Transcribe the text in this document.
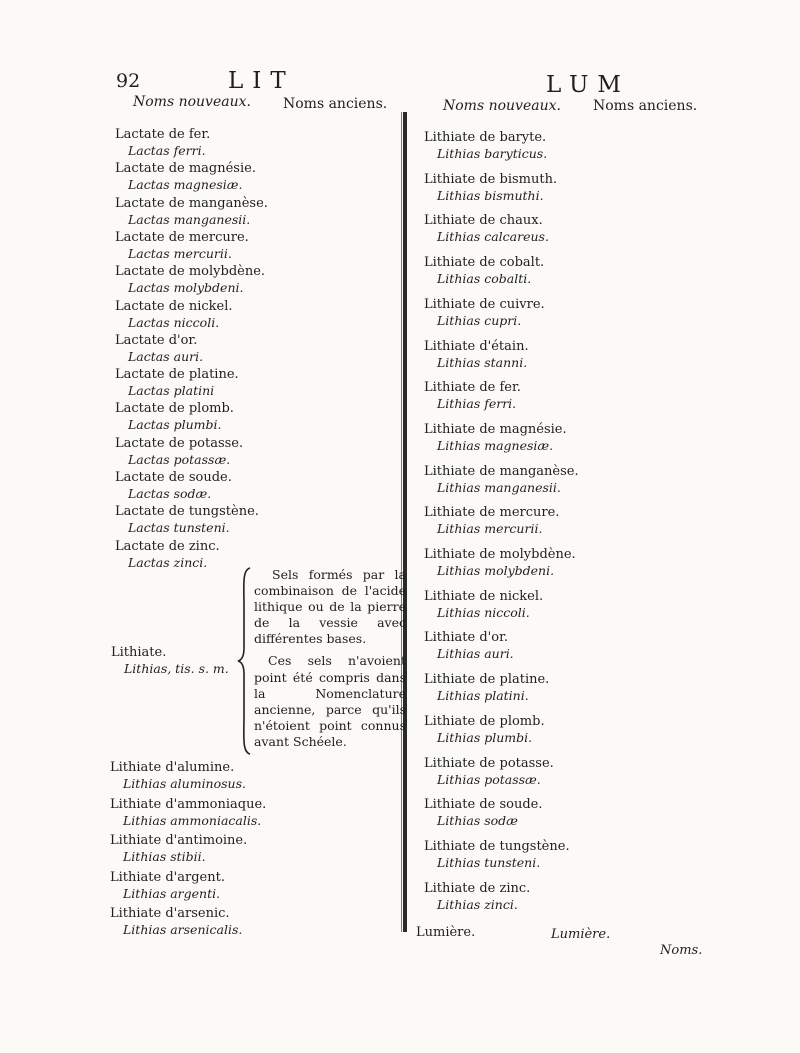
92	LIT	LUM
Noms nouveaux. Noms anciens.	Noms nouveaux. Noms anciens.
Lactate de fer.
Lactas ferri.
Lactate de magnésie.
Lactas magnesiæ.
Lactate de manganèse.
Lactas manganesii.
Lactate de mercure.
Lactas mercurii.
Lactate de molybdène.
Lactas molybdeni.
Lactate de nickel.
Lactas niccoli.
Lactate d'or.
Lactas auri.
Lactate de platine.
Lactas platini
Lactate de plomb.
Lactas plumbi.
Lactate de potasse.
Lactas potassæ.
Lactate de soude.
Lactas sodæ.
Lactate de tungstène.
Lactas tunsteni.
Lactate de zinc.
Lactas zinci.
Lithiate.
Lithias, tis. s. m.

Sels formés par la combinaison de l'acide lithique ou de la pierre de la vessie avec différentes bases.

Ces sels n'avoient point été compris dans la Nomenclature ancienne, parce qu'ils n'étoient point connus avant Schéele.

Lithiate d'alumine.
Lithias aluminosus.
Lithiate d'ammoniaque.
Lithias ammoniacalis.
Lithiate d'antimoine.
Lithias stibii.
Lithiate d'argent.
Lithias argenti.
Lithiate d'arsenic.
Lithias arsenicalis.
Lithiate de baryte.
Lithias baryticus.
Lithiate de bismuth.
Lithias bismuthi.
Lithiate de chaux.
Lithias calcareus.
Lithiate de cobalt.
Lithias cobalti.
Lithiate de cuivre.
Lithias cupri.
Lithiate d'étain.
Lithias stanni.
Lithiate de fer.
Lithias ferri.
Lithiate de magnésie.
Lithias magnesiæ.
Lithiate de manganèse.
Lithias manganesii.
Lithiate de mercure.
Lithias mercurii.
Lithiate de molybdène.
Lithias molybdeni.
Lithiate de nickel.
Lithias niccoli.
Lithiate d'or.
Lithias auri.
Lithiate de platine.
Lithias platini.
Lithiate de plomb.
Lithias plumbi.
Lithiate de potasse.
Lithias potassæ.
Lithiate de soude.
Lithias sodæ
Lithiate de tungstène.
Lithias tunsteni.
Lithiate de zinc.
Lithias zinci.
Lumière.	Lumière.
Noms.
